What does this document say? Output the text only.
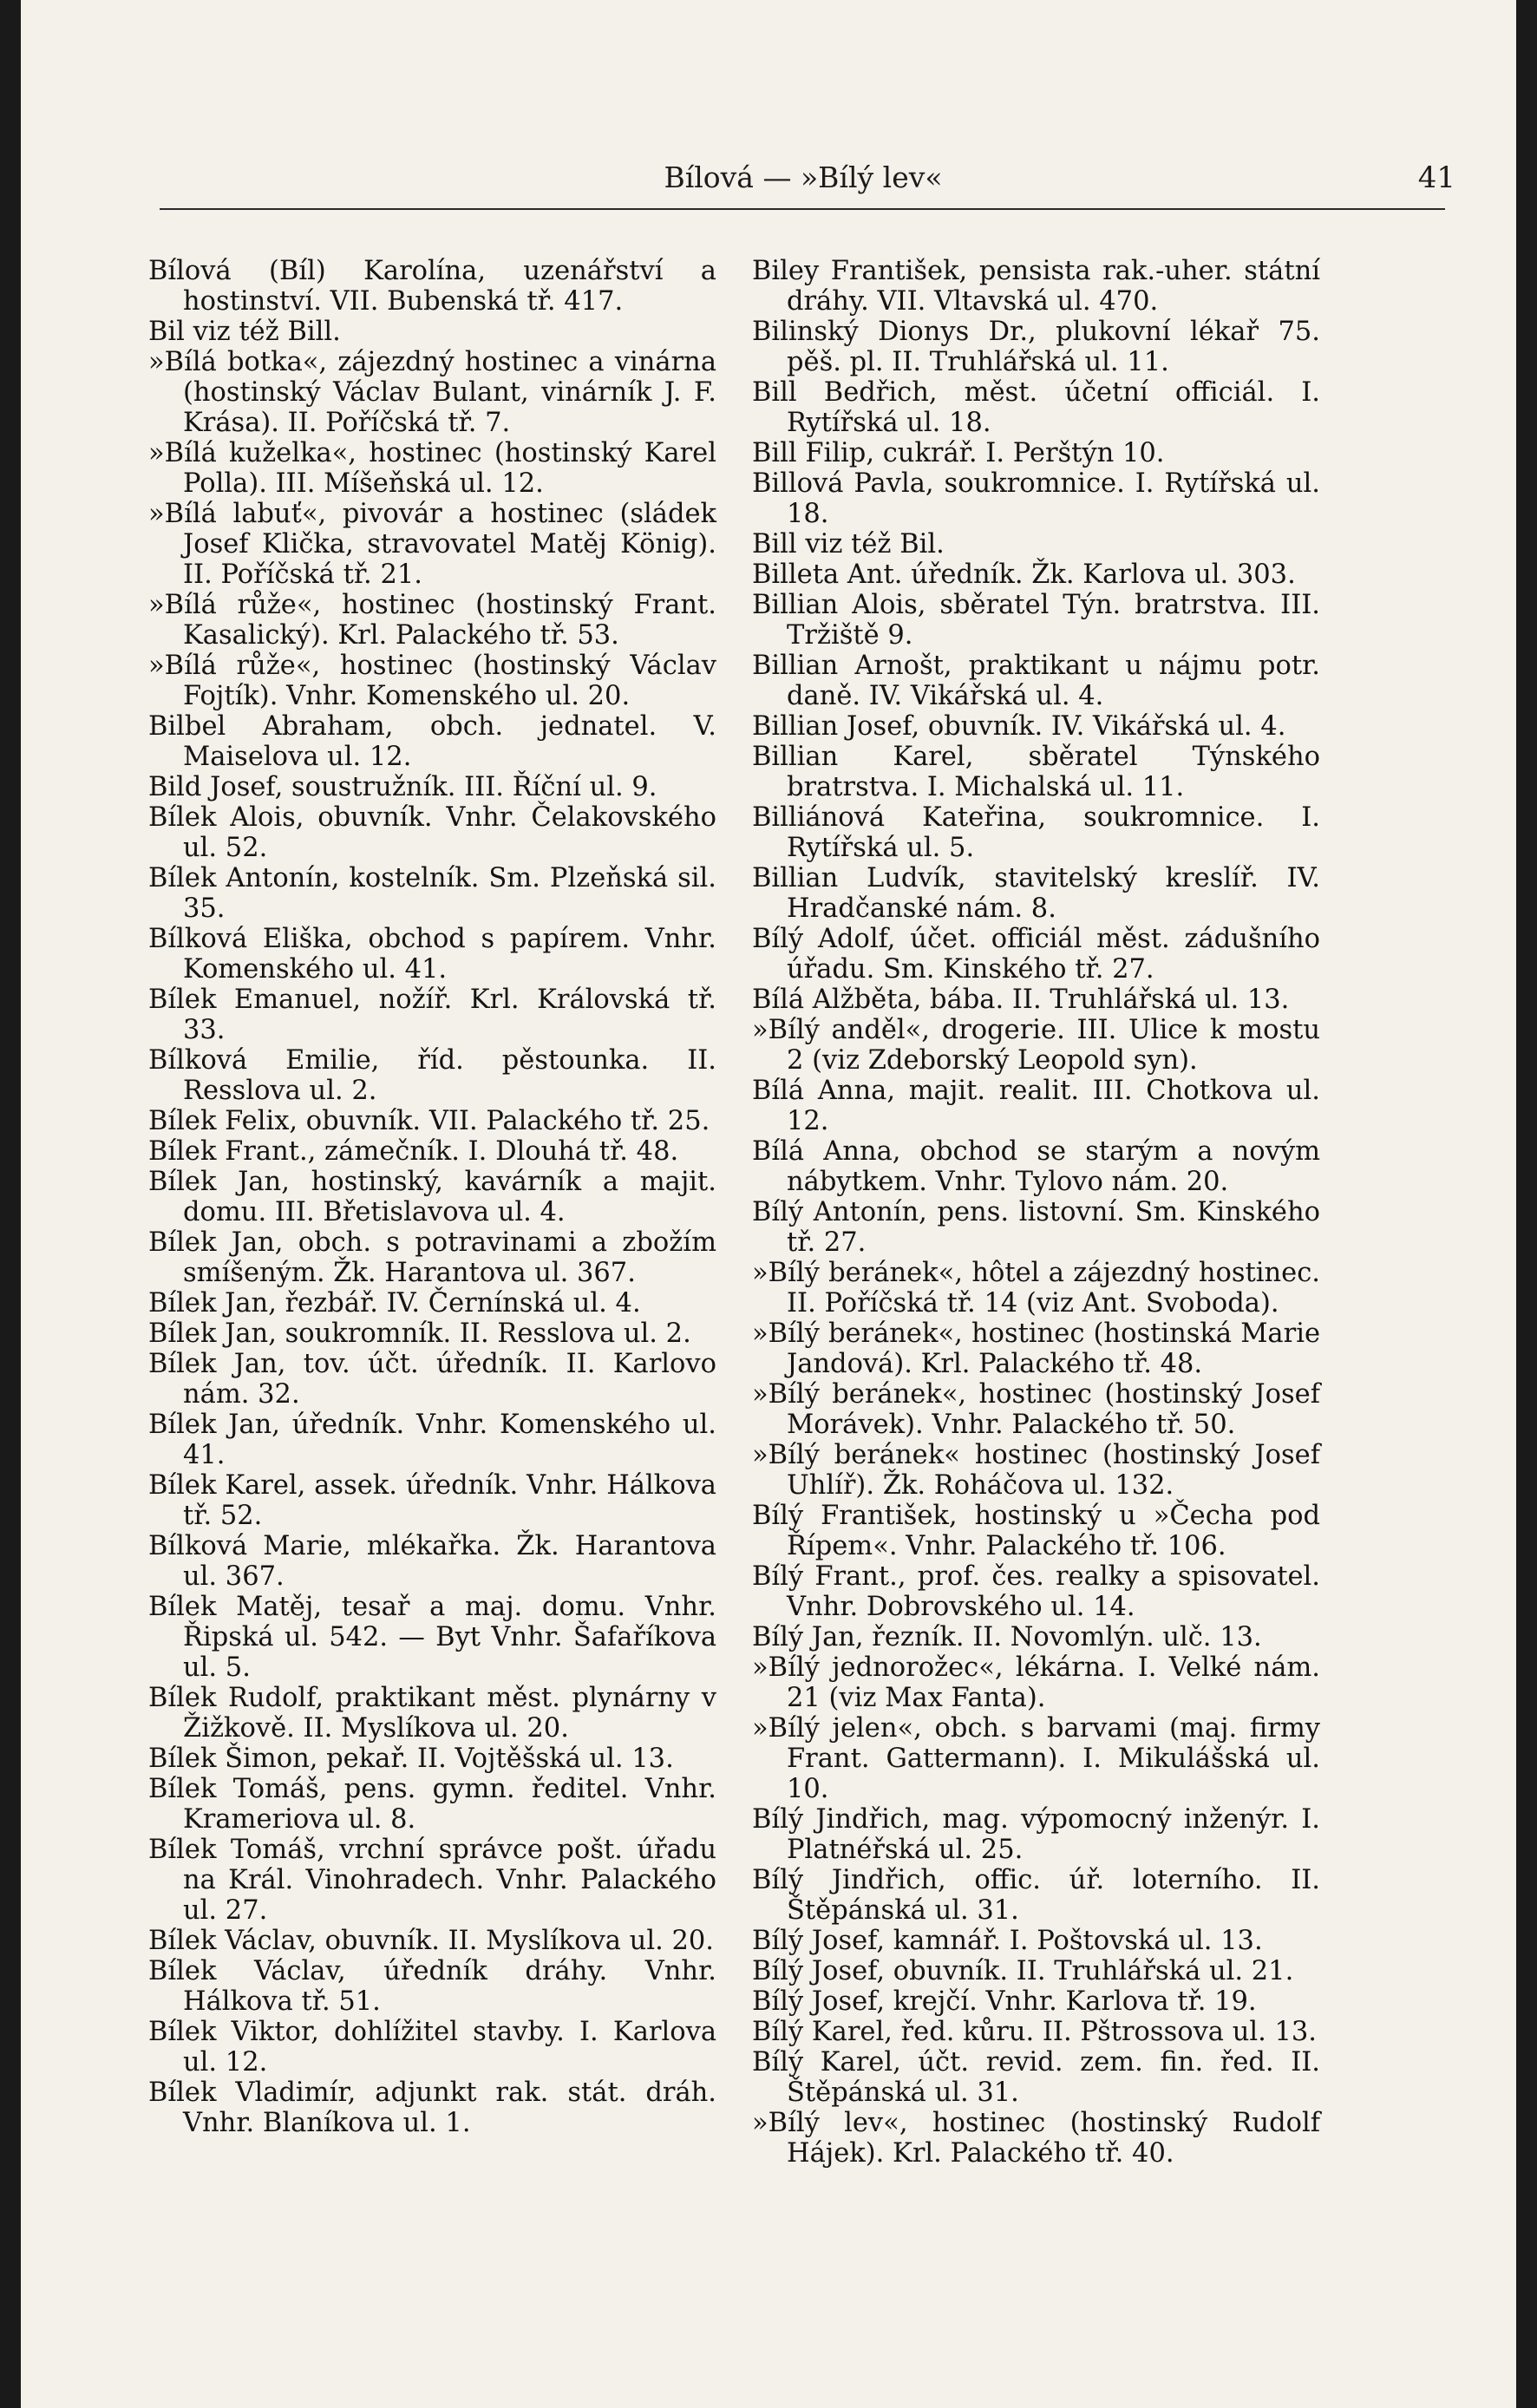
Bílová — »Bílý lev«	41

Bílová (Bíl) Karolína, uzenářství a hostinství. VII. Bubenská tř. 417.

Bil viz též Bill.

»Bílá botka«, zájezdný hostinec a vinárna (hostinský Václav Bulant, vinárník J. F. Krása). II. Poříčská tř. 7.

»Bílá kuželka«, hostinec (hostinský Karel Polla). III. Míšeňská ul. 12.

»Bílá labuť«, pivovár a hostinec (sládek Josef Klička, stravovatel Matěj König). II. Poříčská tř. 21.

»Bílá růže«, hostinec (hostinský Frant. Kasalický). Krl. Palackého tř. 53.

»Bílá růže«, hostinec (hostinský Václav Fojtík). Vnhr. Komenského ul. 20.

Bilbel Abraham, obch. jednatel. V. Maiselova ul. 12.

Bild Josef, soustružník. III. Říční ul. 9.

Bílek Alois, obuvník. Vnhr. Čelakovského ul. 52.

Bílek Antonín, kostelník. Sm. Plzeňská sil. 35.

Bílková Eliška, obchod s papírem. Vnhr. Komenského ul. 41.

Bílek Emanuel, nožíř. Krl. Královská tř. 33.

Bílková Emilie, říd. pěstounka. II. Resslova ul. 2.

Bílek Felix, obuvník. VII. Palackého tř. 25.

Bílek Frant., zámečník. I. Dlouhá tř. 48.

Bílek Jan, hostinský, kavárník a majit. domu. III. Břetislavova ul. 4.

Bílek Jan, obch. s potravinami a zbožím smíšeným. Žk. Harantova ul. 367.

Bílek Jan, řezbář. IV. Černínská ul. 4.

Bílek Jan, soukromník. II. Resslova ul. 2.

Bílek Jan, tov. účt. úředník. II. Karlovo nám. 32.

Bílek Jan, úředník. Vnhr. Komenského ul. 41.

Bílek Karel, assek. úředník. Vnhr. Hálkova tř. 52.

Bílková Marie, mlékařka. Žk. Harantova ul. 367.

Bílek Matěj, tesař a maj. domu. Vnhr. Řipská ul. 542. — Byt Vnhr. Šafaříkova ul. 5.

Bílek Rudolf, praktikant měst. plynárny v Žižkově. II. Myslíkova ul. 20.

Bílek Šimon, pekař. II. Vojtěšská ul. 13.

Bílek Tomáš, pens. gymn. ředitel. Vnhr. Krameriova ul. 8.

Bílek Tomáš, vrchní správce pošt. úřadu na Král. Vinohradech. Vnhr. Palackého ul. 27.

Bílek Václav, obuvník. II. Myslíkova ul. 20.

Bílek Václav, úředník dráhy. Vnhr. Hálkova tř. 51.

Bílek Viktor, dohlížitel stavby. I. Karlova ul. 12.

Bílek Vladimír, adjunkt rak. stát. dráh. Vnhr. Blaníkova ul. 1.

Biley František, pensista rak.-uher. státní dráhy. VII. Vltavská ul. 470.

Bilinský Dionys Dr., plukovní lékař 75. pěš. pl. II. Truhlářská ul. 11.

Bill Bedřich, měst. účetní officiál. I. Rytířská ul. 18.

Bill Filip, cukrář. I. Perštýn 10.

Billová Pavla, soukromnice. I. Rytířská ul. 18.

Bill viz též Bil.

Billeta Ant. úředník. Žk. Karlova ul. 303.

Billian Alois, sběratel Týn. bratrstva. III. Tržiště 9.

Billian Arnošt, praktikant u nájmu potr. daně. IV. Vikářská ul. 4.

Billian Josef, obuvník. IV. Vikářská ul. 4.

Billian Karel, sběratel Týnského bratrstva. I. Michalská ul. 11.

Billiánová Kateřina, soukromnice. I. Rytířská ul. 5.

Billian Ludvík, stavitelský kreslíř. IV. Hradčanské nám. 8.

Bílý Adolf, účet. officiál měst. zádušního úřadu. Sm. Kinského tř. 27.

Bílá Alžběta, bába. II. Truhlářská ul. 13.

»Bílý anděl«, drogerie. III. Ulice k mostu 2 (viz Zdeborský Leopold syn).

Bílá Anna, majit. realit. III. Chotkova ul. 12.

Bílá Anna, obchod se starým a novým nábytkem. Vnhr. Tylovo nám. 20.

Bílý Antonín, pens. listovní. Sm. Kinského tř. 27.

»Bílý beránek«, hôtel a zájezdný hostinec. II. Poříčská tř. 14 (viz Ant. Svoboda).

»Bílý beránek«, hostinec (hostinská Marie Jandová). Krl. Palackého tř. 48.

»Bílý beránek«, hostinec (hostinský Josef Morávek). Vnhr. Palackého tř. 50.

»Bílý beránek« hostinec (hostinský Josef Uhlíř). Žk. Roháčova ul. 132.

Bílý František, hostinský u »Čecha pod Řípem«. Vnhr. Palackého tř. 106.

Bílý Frant., prof. čes. realky a spisovatel. Vnhr. Dobrovského ul. 14.

Bílý Jan, řezník. II. Novomlýn. ulč. 13.

»Bílý jednorožec«, lékárna. I. Velké nám. 21 (viz Max Fanta).

»Bílý jelen«, obch. s barvami (maj. firmy Frant. Gattermann). I. Mikulášská ul. 10.

Bílý Jindřich, mag. výpomocný inženýr. I. Platnéřská ul. 25.

Bílý Jindřich, offic. úř. loterního. II. Štěpánská ul. 31.

Bílý Josef, kamnář. I. Poštovská ul. 13.

Bílý Josef, obuvník. II. Truhlářská ul. 21.

Bílý Josef, krejčí. Vnhr. Karlova tř. 19.

Bílý Karel, řed. kůru. II. Pštrossova ul. 13.

Bílý Karel, účt. revid. zem. fin. řed. II. Štěpánská ul. 31.

»Bílý lev«, hostinec (hostinský Rudolf Hájek). Krl. Palackého tř. 40.
